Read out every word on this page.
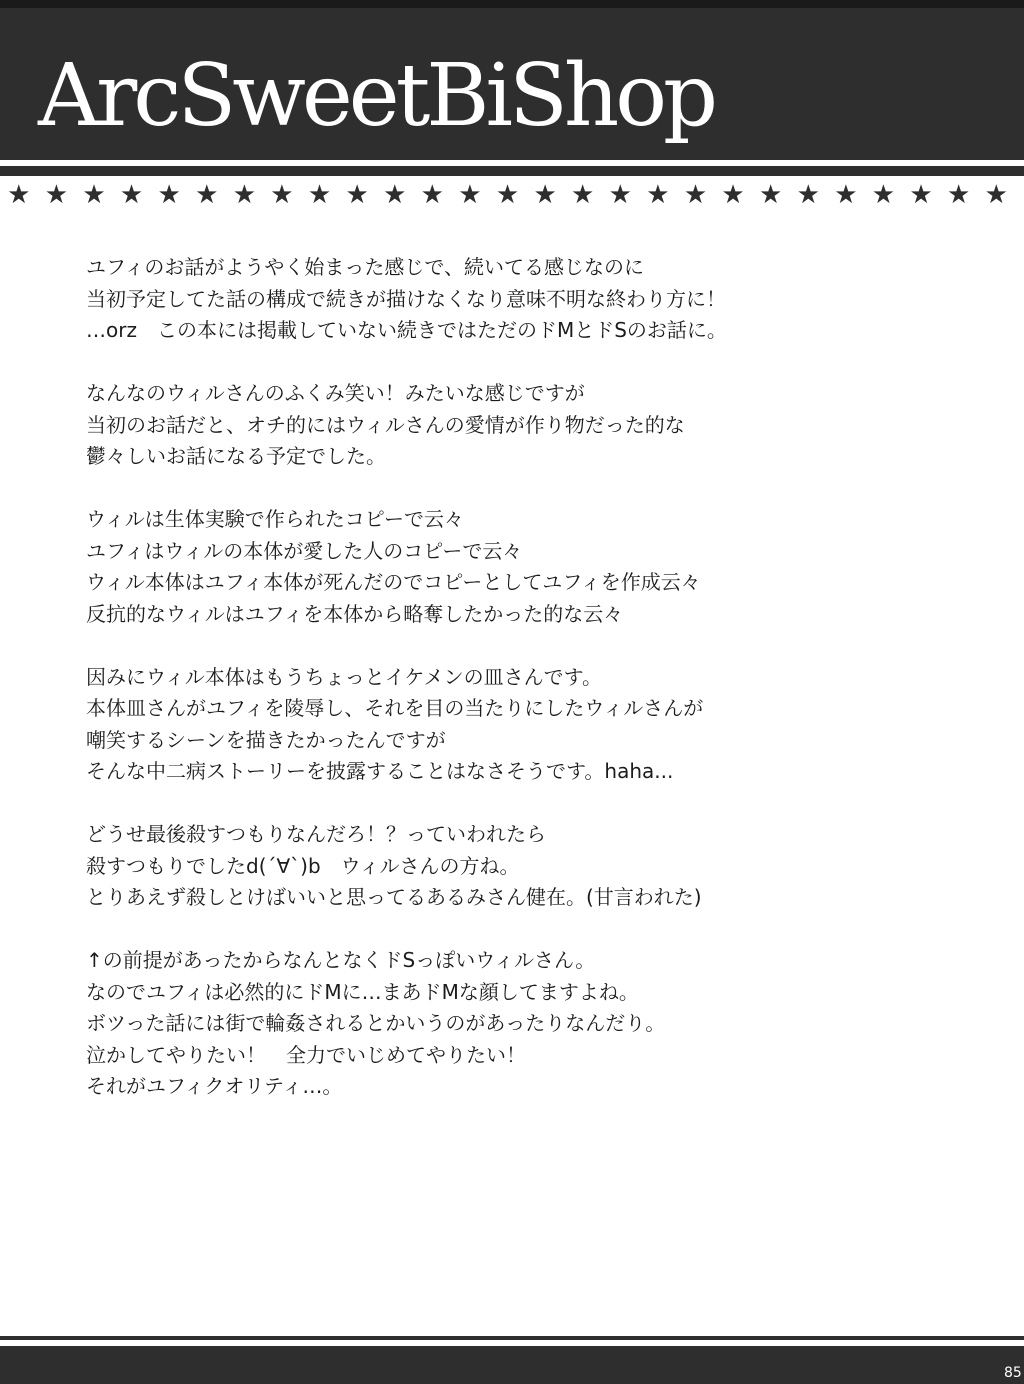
ArcSweetBiShop
★ ★ ★ ★ ★ ★ ★ ★ ★ ★ ★ ★ ★ ★ ★ ★ ★ ★ ★ ★ ★ ★ ★ ★ ★ ★ ★
ユフィのお話がようやく始まった感じで、続いてる感じなのに
当初予定してた話の構成で続きが描けなくなり意味不明な終わり方に！
…orz　この本には掲載していない続きではただのドMとドSのお話に。
なんなのウィルさんのふくみ笑い！みたいな感じですが
当初のお話だと、オチ的にはウィルさんの愛情が作り物だった的な
鬱々しいお話になる予定でした。
ウィルは生体実験で作られたコピーで云々
ユフィはウィルの本体が愛した人のコピーで云々
ウィル本体はユフィ本体が死んだのでコピーとしてユフィを作成云々
反抗的なウィルはユフィを本体から略奪したかった的な云々
因みにウィル本体はもうちょっとイケメンの皿さんです。
本体皿さんがユフィを陵辱し、それを目の当たりにしたウィルさんが
嘲笑するシーンを描きたかったんですが
そんな中二病ストーリーを披露することはなさそうです。haha...
どうせ最後殺すつもりなんだろ！？っていわれたら
殺すつもりでしたd(´∀`)b　ウィルさんの方ね。
とりあえず殺しとけばいいと思ってるあるみさん健在。(甘言われた)
↑の前提があったからなんとなくドSっぽいウィルさん。
なのでユフィは必然的にドMに…まあドMな顔してますよね。
ボツった話には街で輪姦されるとかいうのがあったりなんだり。
泣かしてやりたい！　全力でいじめてやりたい！
それがユフィクオリティ…。
85
